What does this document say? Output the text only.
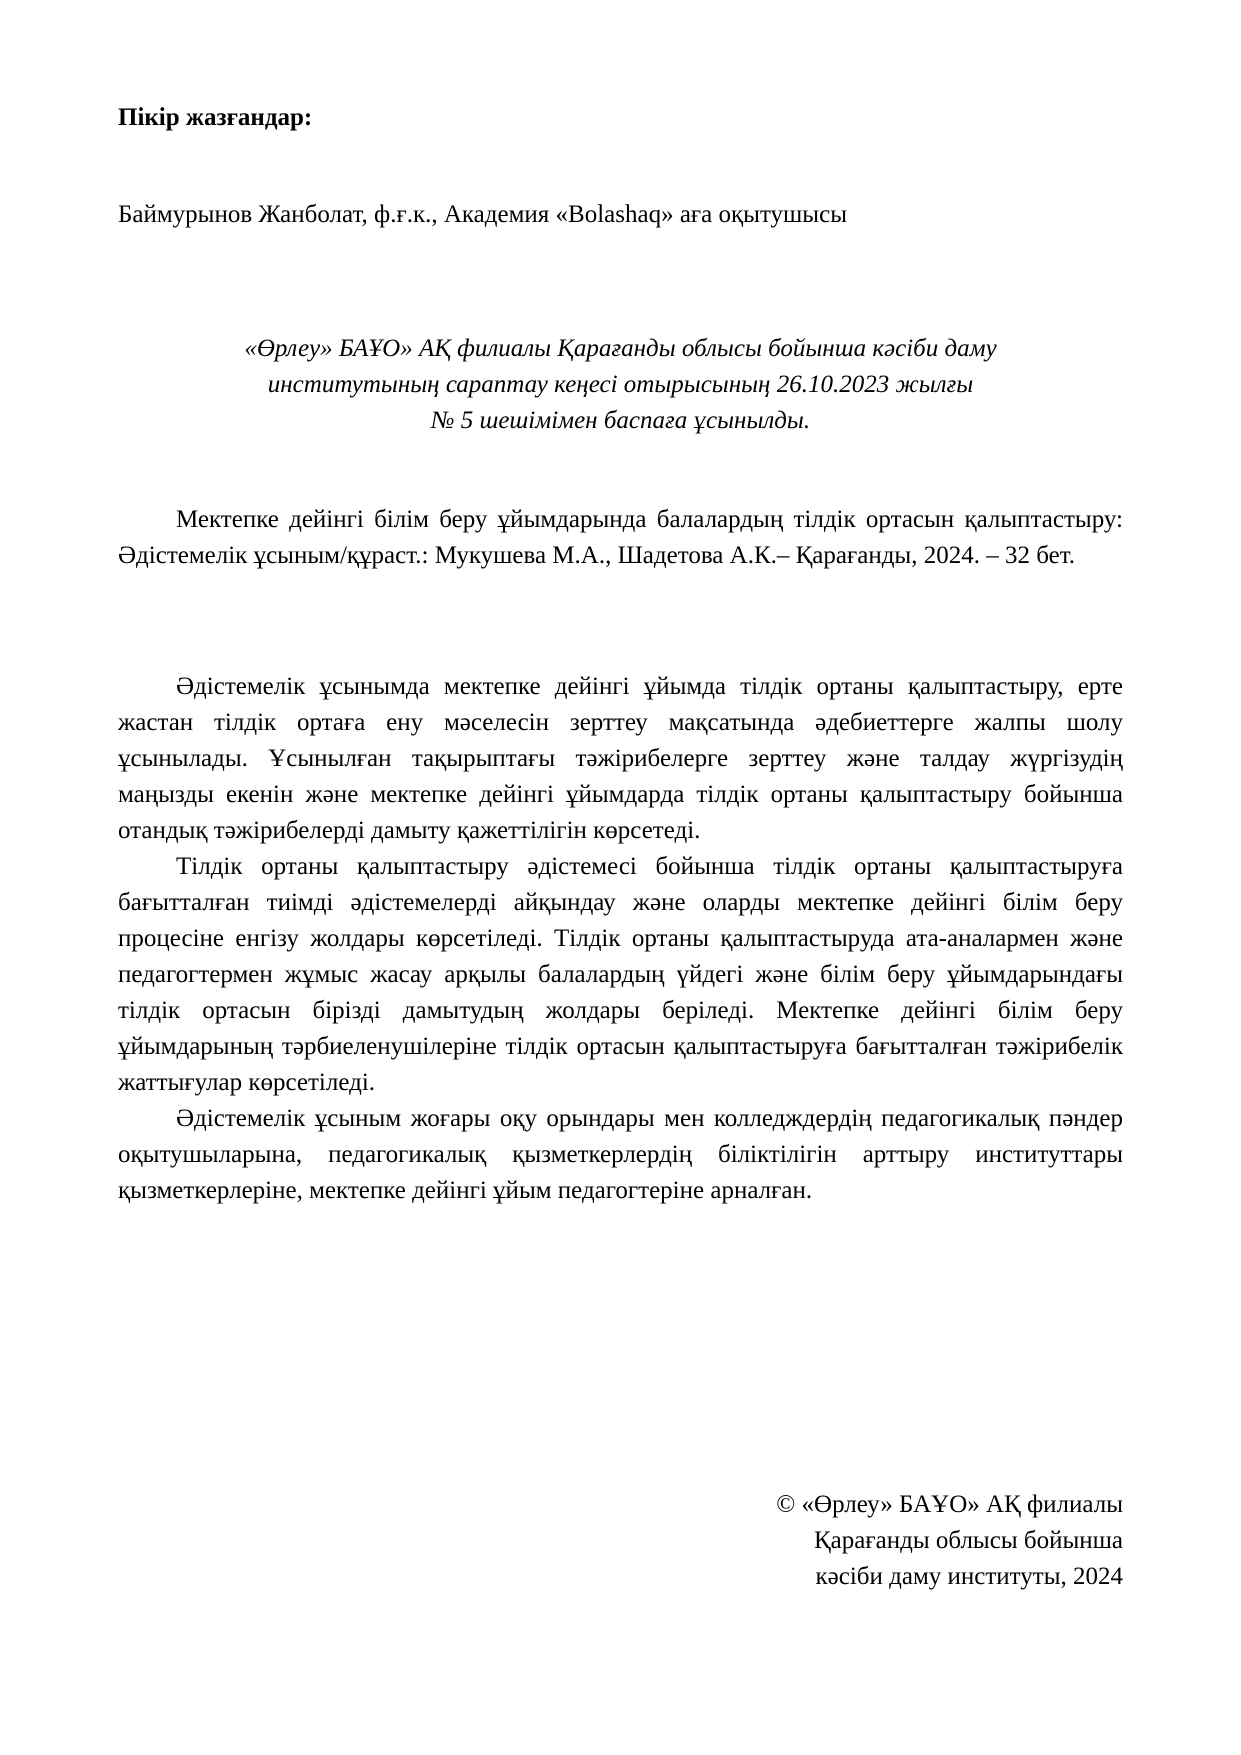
Пікір жазғандар:

Баймурынов Жанболат, ф.ғ.к., Академия «Bolashaq» аға оқытушысы

«Өрлеу» БАҰО» АҚ филиалы Қарағанды облысы бойынша кәсіби даму
институтының сараптау кеңесі отырысының 26.10.2023 жылғы
№ 5 шешімімен баспаға ұсынылды.

Мектепке дейінгі білім беру ұйымдарында балалардың тілдік ортасын қалыптастыру: Әдістемелік ұсыным/құраст.: Мукушева М.А., Шадетова А.К.– Қарағанды, 2024. – 32 бет.

Әдістемелік ұсынымда мектепке дейінгі ұйымда тілдік ортаны қалыптастыру, ерте жастан тілдік ортаға ену мәселесін зерттеу мақсатында әдебиеттерге жалпы шолу ұсынылады. Ұсынылған тақырыптағы тәжірибелерге зерттеу және талдау жүргізудің маңызды екенін және мектепке дейінгі ұйымдарда тілдік ортаны қалыптастыру бойынша отандық тәжірибелерді дамыту қажеттілігін көрсетеді.

Тілдік ортаны қалыптастыру әдістемесі бойынша тілдік ортаны қалыптастыруға бағытталған тиімді әдістемелерді айқындау және оларды мектепке дейінгі білім беру процесіне енгізу жолдары көрсетіледі. Тілдік ортаны қалыптастыруда ата-аналармен және педагогтермен жұмыс жасау арқылы балалардың үйдегі және білім беру ұйымдарындағы тілдік ортасын бірізді дамытудың жолдары беріледі. Мектепке дейінгі білім беру ұйымдарының тәрбиеленушілеріне тілдік ортасын қалыптастыруға бағытталған тәжірибелік жаттығулар көрсетіледі.

Әдістемелік ұсыным жоғары оқу орындары мен колледждердің педагогикалық пәндер оқытушыларына, педагогикалық қызметкерлердің біліктілігін арттыру институттары қызметкерлеріне, мектепке дейінгі ұйым педагогтеріне арналған.

© «Өрлеу» БАҰО» АҚ филиалы
Қарағанды облысы бойынша
кәсіби даму институты, 2024
